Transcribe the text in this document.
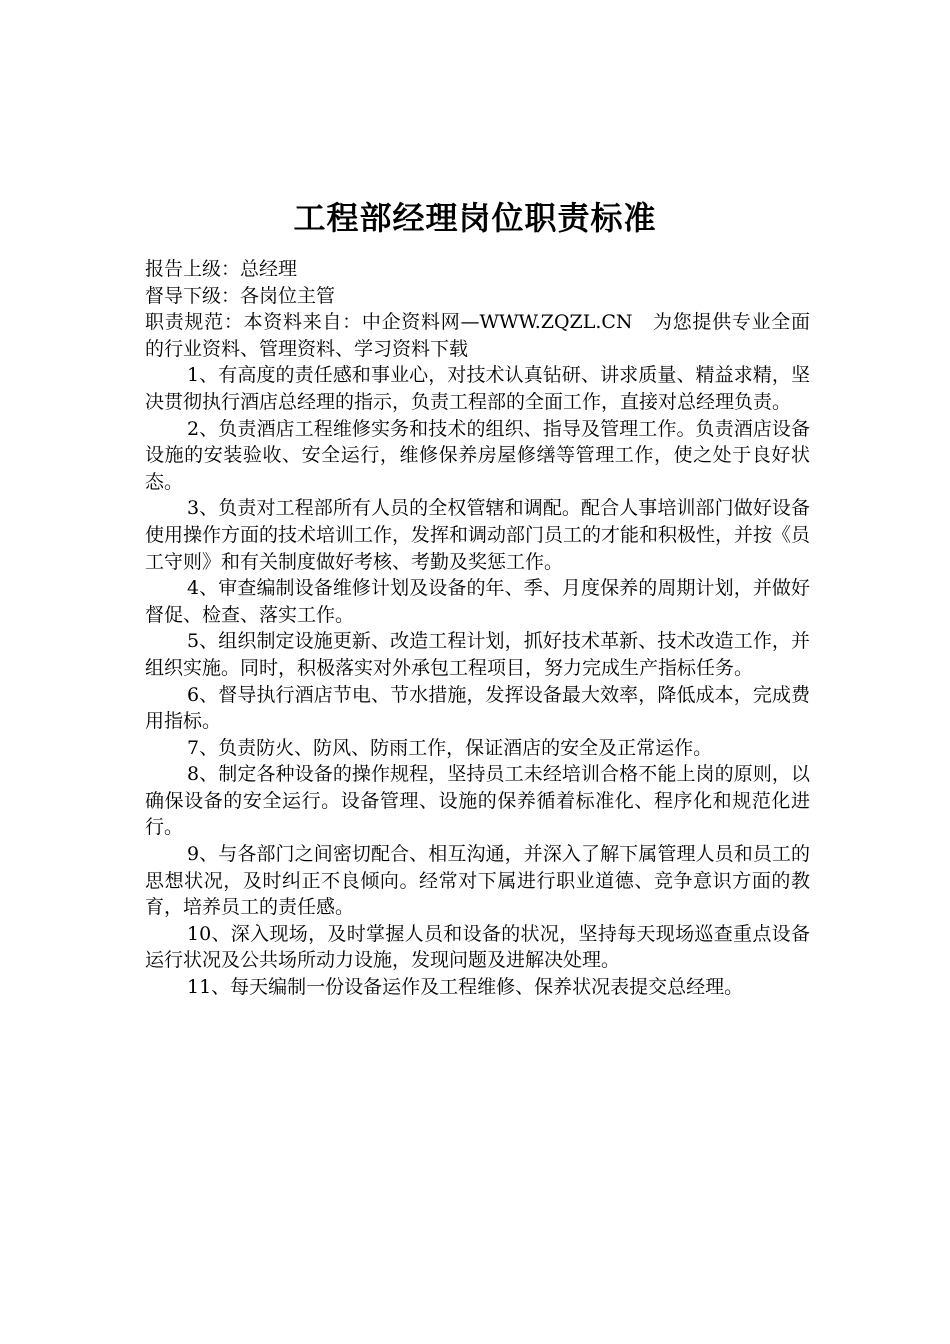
工程部经理岗位职责标准

报告上级：总经理

督导下级：各岗位主管

职责规范：本资料来自：中企资料网—WWW.ZQZL.CN　为您提供专业全面的行业资料、管理资料、学习资料下载

1、有高度的责任感和事业心，对技术认真钻研、讲求质量、精益求精，坚决贯彻执行酒店总经理的指示，负责工程部的全面工作，直接对总经理负责。

2、负责酒店工程维修实务和技术的组织、指导及管理工作。负责酒店设备设施的安装验收、安全运行，维修保养房屋修缮等管理工作，使之处于良好状态。

3、负责对工程部所有人员的全权管辖和调配。配合人事培训部门做好设备使用操作方面的技术培训工作，发挥和调动部门员工的才能和积极性，并按《员工守则》和有关制度做好考核、考勤及奖惩工作。

4、审查编制设备维修计划及设备的年、季、月度保养的周期计划，并做好督促、检查、落实工作。

5、组织制定设施更新、改造工程计划，抓好技术革新、技术改造工作，并组织实施。同时，积极落实对外承包工程项目，努力完成生产指标任务。

6、督导执行酒店节电、节水措施，发挥设备最大效率，降低成本，完成费用指标。

7、负责防火、防风、防雨工作，保证酒店的安全及正常运作。

8、制定各种设备的操作规程，坚持员工未经培训合格不能上岗的原则，以确保设备的安全运行。设备管理、设施的保养循着标准化、程序化和规范化进行。

9、与各部门之间密切配合、相互沟通，并深入了解下属管理人员和员工的思想状况，及时纠正不良倾向。经常对下属进行职业道德、竞争意识方面的教育，培养员工的责任感。

10、深入现场，及时掌握人员和设备的状况，坚持每天现场巡查重点设备运行状况及公共场所动力设施，发现问题及进解决处理。

11、每天编制一份设备运作及工程维修、保养状况表提交总经理。
